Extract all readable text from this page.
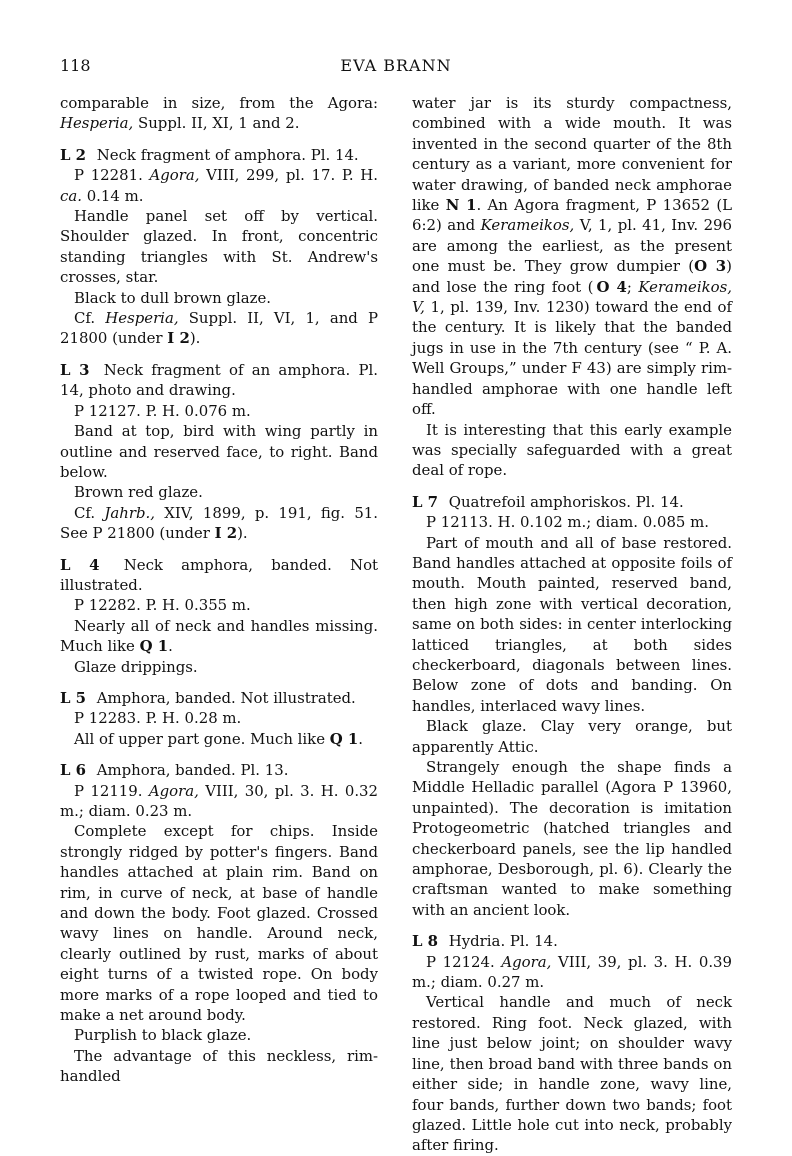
118	EVA BRANN

comparable in size, from the Agora: Hesperia, Suppl. II, XI, 1 and 2.

L 2 Neck fragment of amphora. Pl. 14.

P 12281. Agora, VIII, 299, pl. 17. P. H. ca. 0.14 m.

Handle panel set off by vertical. Shoulder glazed. In front, concentric standing triangles with St. Andrew's crosses, star.

Black to dull brown glaze.

Cf. Hesperia, Suppl. II, VI, 1, and P 21800 (under I 2).

L 3 Neck fragment of an amphora. Pl. 14, photo and drawing.

P 12127. P. H. 0.076 m.

Band at top, bird with wing partly in outline and reserved face, to right. Band below.

Brown red glaze.

Cf. Jahrb., XIV, 1899, p. 191, fig. 51. See P 21800 (under I 2).

L 4 Neck amphora, banded. Not illustrated.

P 12282. P. H. 0.355 m.

Nearly all of neck and handles missing. Much like Q 1.

Glaze drippings.

L 5 Amphora, banded. Not illustrated.

P 12283. P. H. 0.28 m.

All of upper part gone. Much like Q 1.

L 6 Amphora, banded. Pl. 13.

P 12119. Agora, VIII, 30, pl. 3. H. 0.32 m.; diam. 0.23 m.

Complete except for chips. Inside strongly ridged by potter's fingers. Band handles attached at plain rim. Band on rim, in curve of neck, at base of handle and down the body. Foot glazed. Crossed wavy lines on handle. Around neck, clearly outlined by rust, marks of about eight turns of a twisted rope. On body more marks of a rope looped and tied to make a net around body.

Purplish to black glaze.

The advantage of this neckless, rim-handled

water jar is its sturdy compactness, combined with a wide mouth. It was invented in the second quarter of the 8th century as a variant, more convenient for water drawing, of banded neck amphorae like N 1. An Agora fragment, P 13652 (L 6:2) and Kerameikos, V, 1, pl. 41, Inv. 296 are among the earliest, as the present one must be. They grow dumpier (O 3) and lose the ring foot ( O 4; Kerameikos, V, 1, pl. 139, Inv. 1230) toward the end of the century. It is likely that the banded jugs in use in the 7th century (see “ P. A. Well Groups,” under F 43) are simply rim-handled amphorae with one handle left off.

It is interesting that this early example was specially safeguarded with a great deal of rope.

L 7 Quatrefoil amphoriskos. Pl. 14.

P 12113. H. 0.102 m.; diam. 0.085 m.

Part of mouth and all of base restored. Band handles attached at opposite foils of mouth. Mouth painted, reserved band, then high zone with vertical decoration, same on both sides: in center interlocking latticed triangles, at both sides checkerboard, diagonals between lines. Below zone of dots and banding. On handles, interlaced wavy lines.

Black glaze. Clay very orange, but apparently Attic.

Strangely enough the shape finds a Middle Helladic parallel (Agora P 13960, unpainted). The decoration is imitation Protogeometric (hatched triangles and checkerboard panels, see the lip handled amphorae, Desborough, pl. 6). Clearly the craftsman wanted to make something with an ancient look.

L 8 Hydria. Pl. 14.

P 12124. Agora, VIII, 39, pl. 3. H. 0.39 m.; diam. 0.27 m.

Vertical handle and much of neck restored. Ring foot. Neck glazed, with line just below joint; on shoulder wavy line, then broad band with three bands on either side; in handle zone, wavy line, four bands, further down two bands; foot glazed. Little hole cut into neck, probably after firing.
